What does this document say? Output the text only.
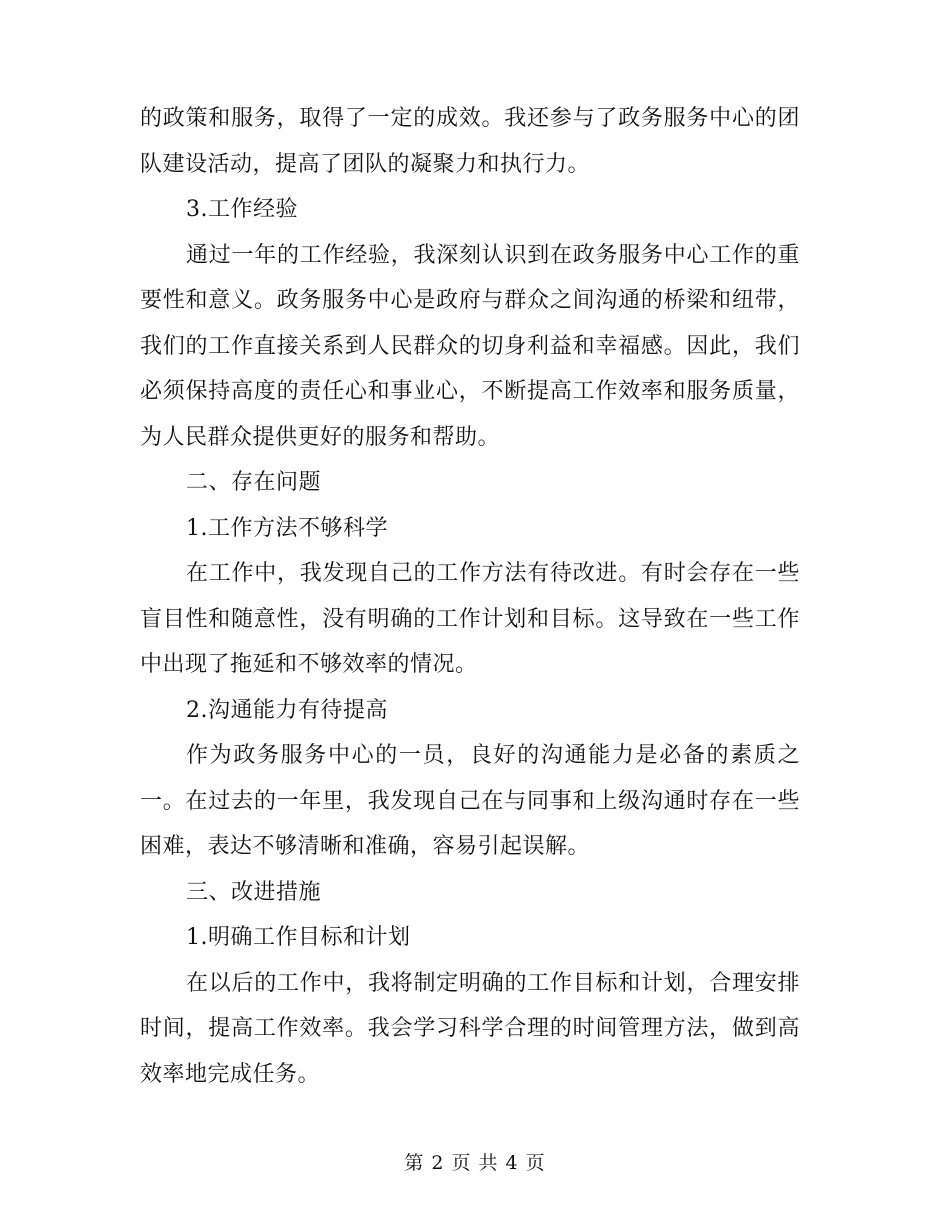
的政策和服务，取得了一定的成效。我还参与了政务服务中心的团队建设活动，提高了团队的凝聚力和执行力。

3.工作经验

通过一年的工作经验，我深刻认识到在政务服务中心工作的重要性和意义。政务服务中心是政府与群众之间沟通的桥梁和纽带，我们的工作直接关系到人民群众的切身利益和幸福感。因此，我们必须保持高度的责任心和事业心，不断提高工作效率和服务质量，为人民群众提供更好的服务和帮助。

二、存在问题

1.工作方法不够科学

在工作中，我发现自己的工作方法有待改进。有时会存在一些盲目性和随意性，没有明确的工作计划和目标。这导致在一些工作中出现了拖延和不够效率的情况。

2.沟通能力有待提高

作为政务服务中心的一员，良好的沟通能力是必备的素质之一。在过去的一年里，我发现自己在与同事和上级沟通时存在一些困难，表达不够清晰和准确，容易引起误解。

三、改进措施

1.明确工作目标和计划

在以后的工作中，我将制定明确的工作目标和计划，合理安排时间，提高工作效率。我会学习科学合理的时间管理方法，做到高效率地完成任务。

第 2 页 共 4 页
